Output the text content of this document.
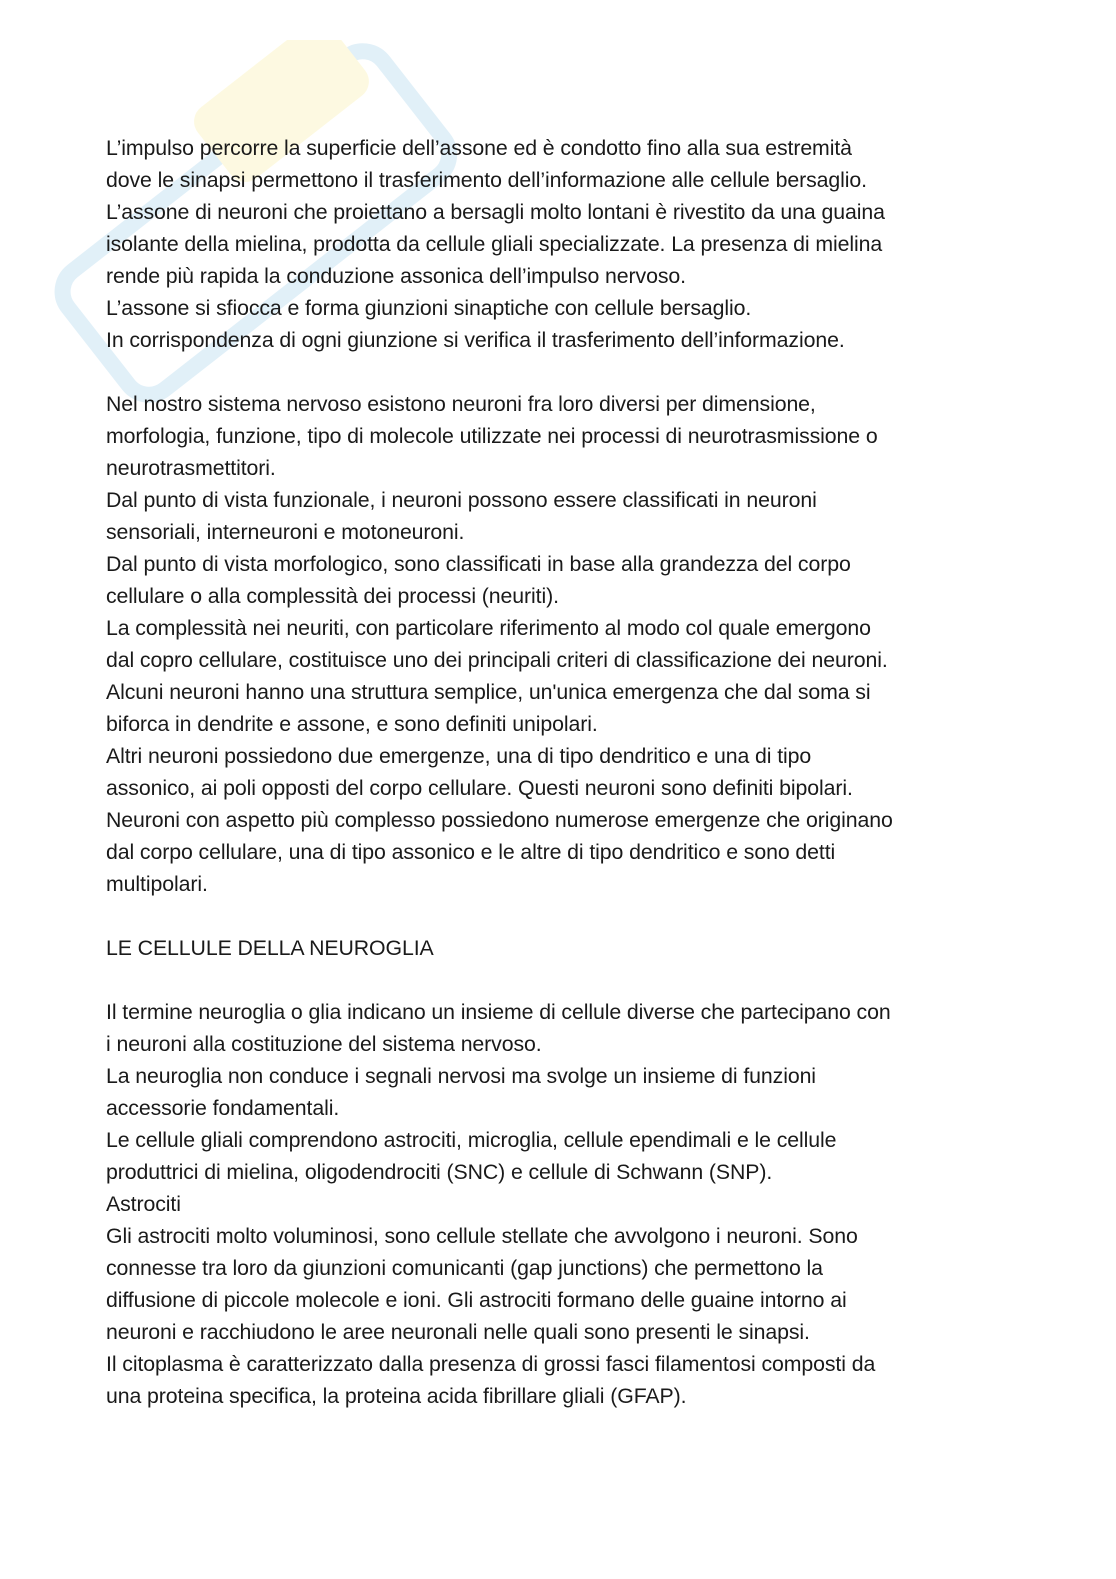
L’impulso percorre la superficie dell’assone ed è condotto fino alla sua estremità
dove le sinapsi permettono il trasferimento dell’informazione alle cellule bersaglio.
L’assone di neuroni che proiettano a bersagli molto lontani è rivestito da una guaina
isolante della mielina, prodotta da cellule gliali specializzate. La presenza di mielina
rende più rapida la conduzione assonica dell’impulso nervoso.
L’assone si sfiocca e forma giunzioni sinaptiche con cellule bersaglio.
In corrispondenza di ogni giunzione si verifica il trasferimento dell’informazione.
Nel nostro sistema nervoso esistono neuroni fra loro diversi per dimensione,
morfologia, funzione, tipo di molecole utilizzate nei processi di neurotrasmissione o
neurotrasmettitori.
Dal punto di vista funzionale, i neuroni possono essere classificati in neuroni
sensoriali, interneuroni e motoneuroni.
Dal punto di vista morfologico, sono classificati in base alla grandezza del corpo
cellulare o alla complessità dei processi (neuriti).
La complessità nei neuriti, con particolare riferimento al modo col quale emergono
dal copro cellulare, costituisce uno dei principali criteri di classificazione dei neuroni.
Alcuni neuroni hanno una struttura semplice, un'unica emergenza che dal soma si
biforca in dendrite e assone, e sono definiti unipolari.
Altri neuroni possiedono due emergenze, una di tipo dendritico e una di tipo
assonico, ai poli opposti del corpo cellulare. Questi neuroni sono definiti bipolari.
Neuroni con aspetto più complesso possiedono numerose emergenze che originano
dal corpo cellulare, una di tipo assonico e le altre di tipo dendritico e sono detti
multipolari.
LE CELLULE DELLA NEUROGLIA
Il termine neuroglia o glia indicano un insieme di cellule diverse che partecipano con
i neuroni alla costituzione del sistema nervoso.
La neuroglia non conduce i segnali nervosi ma svolge un insieme di funzioni
accessorie fondamentali.
Le cellule gliali comprendono astrociti, microglia, cellule ependimali e le cellule
produttrici di mielina, oligodendrociti (SNC) e cellule di Schwann (SNP).
Astrociti
Gli astrociti molto voluminosi, sono cellule stellate che avvolgono i neuroni. Sono
connesse tra loro da giunzioni comunicanti (gap junctions) che permettono la
diffusione di piccole molecole e ioni. Gli astrociti formano delle guaine intorno ai
neuroni e racchiudono le aree neuronali nelle quali sono presenti le sinapsi.
Il citoplasma è caratterizzato dalla presenza di grossi fasci filamentosi composti da
una proteina specifica, la proteina acida fibrillare gliali (GFAP).
